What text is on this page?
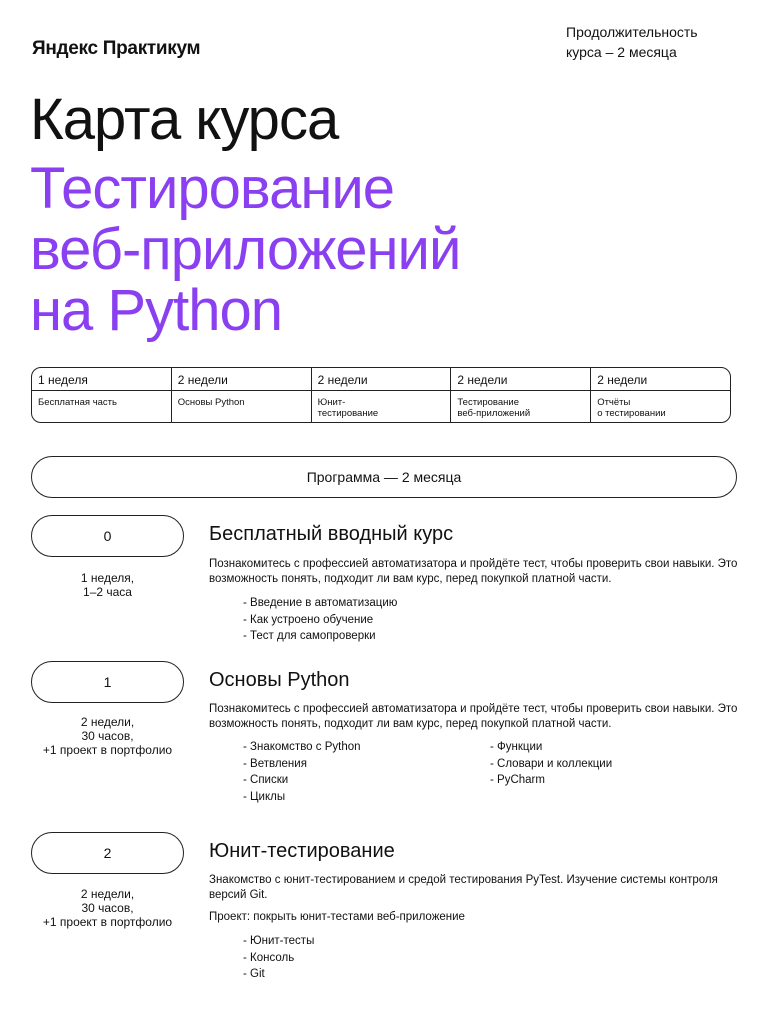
Яндекс Практикум
Продолжительность
курса – 2 месяца
Карта курса
Тестирование
веб-приложений
на Python
1 неделя
Бесплатная часть
2 недели
Основы Python
2 недели
Юнит-
тестирование
2 недели
Тестирование
веб-приложений
2 недели
Отчёты
о тестировании
Программа — 2 месяца
0
1 неделя,
1–2 часа
Бесплатный вводный курс
Познакомитесь с профессией автоматизатора и пройдёте тест, чтобы проверить свои навыки. Это возможность понять, подходит ли вам курс, перед покупкой платной части.
- Введение в автоматизацию
- Как устроено обучение
- Тест для самопроверки
1
2 недели,
30 часов,
+1 проект в портфолио
Основы Python
Познакомитесь с профессией автоматизатора и пройдёте тест, чтобы проверить свои навыки. Это возможность понять, подходит ли вам курс, перед покупкой платной части.
- Знакомство с Python
- Ветвления
- Списки
- Циклы
- Функции
- Словари и коллекции
- PyCharm
2
2 недели,
30 часов,
+1 проект в портфолио
Юнит-тестирование
Знакомство с юнит-тестированием и средой тестирования PyTest. Изучение системы контроля версий Git.
Проект: покрыть юнит-тестами веб-приложение
- Юнит-тесты
- Консоль
- Git
